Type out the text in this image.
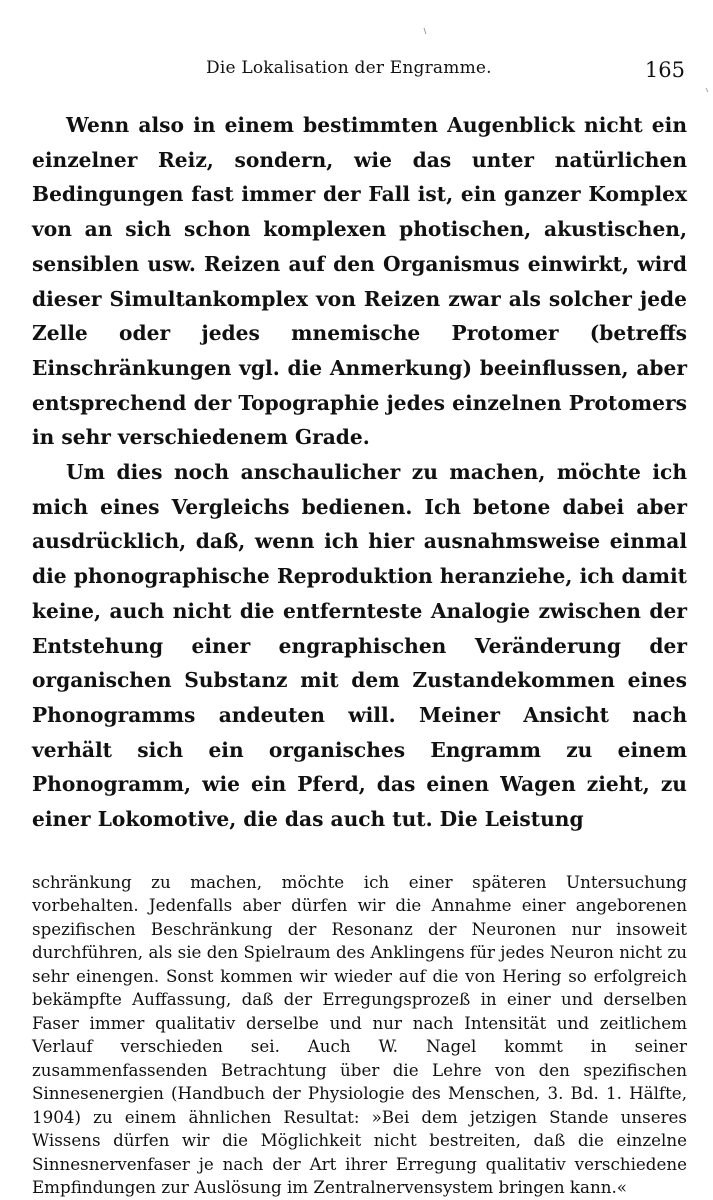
Die Lokalisation der Engramme.	165

Wenn also in einem bestimmten Augenblick nicht ein einzelner Reiz, sondern, wie das unter natürlichen Bedingungen fast immer der Fall ist, ein ganzer Komplex von an sich schon komplexen photischen, akustischen, sensiblen usw. Reizen auf den Organismus einwirkt, wird dieser Simultankomplex von Reizen zwar als solcher jede Zelle oder jedes mnemische Protomer (betreffs Einschränkungen vgl. die Anmerkung) beeinflussen, aber entsprechend der Topographie jedes einzelnen Protomers in sehr verschiedenem Grade.

Um dies noch anschaulicher zu machen, möchte ich mich eines Vergleichs bedienen. Ich betone dabei aber ausdrücklich, daß, wenn ich hier ausnahmsweise einmal die phonographische Reproduktion heranziehe, ich damit keine, auch nicht die entfernteste Analogie zwischen der Entstehung einer engraphischen Veränderung der organischen Substanz mit dem Zustandekommen eines Phonogramms andeuten will. Meiner Ansicht nach verhält sich ein organisches Engramm zu einem Phonogramm, wie ein Pferd, das einen Wagen zieht, zu einer Lokomotive, die das auch tut. Die Leistung

schränkung zu machen, möchte ich einer späteren Untersuchung vorbehalten. Jedenfalls aber dürfen wir die Annahme einer angeborenen spezifischen Beschränkung der Resonanz der Neuronen nur insoweit durchführen, als sie den Spielraum des Anklingens für jedes Neuron nicht zu sehr einengen. Sonst kommen wir wieder auf die von Hering so erfolgreich bekämpfte Auffassung, daß der Erregungsprozeß in einer und derselben Faser immer qualitativ derselbe und nur nach Intensität und zeitlichem Verlauf verschieden sei. Auch W. Nagel kommt in seiner zusammenfassenden Betrachtung über die Lehre von den spezifischen Sinnesenergien (Handbuch der Physiologie des Menschen, 3. Bd. 1. Hälfte, 1904) zu einem ähnlichen Resultat: »Bei dem jetzigen Stande unseres Wissens dürfen wir die Möglichkeit nicht bestreiten, daß die einzelne Sinnesnervenfaser je nach der Art ihrer Erregung qualitativ verschiedene Empfindungen zur Auslösung im Zentralnervensystem bringen kann.«
